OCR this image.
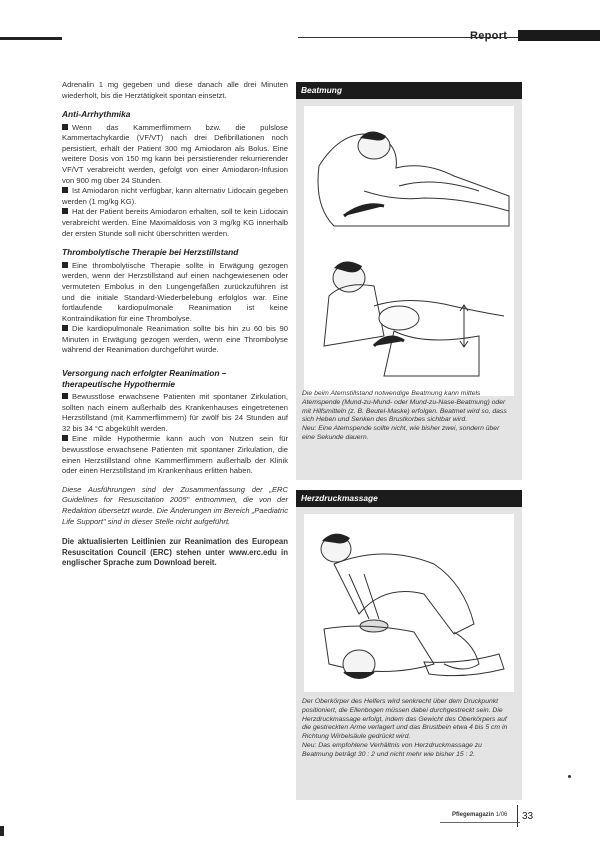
Report

Adrenalin 1 mg gegeben und diese danach alle drei Minuten wiederholt, bis die Herztätigkeit spontan einsetzt.

Anti-Arrhythmika

Wenn das Kammerflimmern bzw. die pulslose Kammertachykardie (VF/VT) nach drei Defibrillationen noch persistiert, erhält der Patient 300 mg Amiodaron als Bolus. Eine weitere Dosis von 150 mg kann bei persistierender rekurrierender VF/VT verabreicht werden, gefolgt von einer Amiodaron-Infusion von 900 mg über 24 Stunden.

Ist Amiodaron nicht verfügbar, kann alternativ Lidocain gegeben werden (1 mg/kg KG).

Hat der Patient bereits Amiodaron erhalten, soll te kein Lidocain verabreicht werden. Eine Maximaldosis von 3 mg/kg KG innerhalb der ersten Stunde soll nicht überschritten werden.

Thrombolytische Therapie bei Herzstillstand

Eine thrombolytische Therapie sollte in Erwägung gezogen werden, wenn der Herzstillstand auf einen nachgewiesenen oder vermuteten Embolus in den Lungengefäßen zurückzuführen ist und die initiale Standard-Wiederbelebung erfolglos war. Eine fortlaufende kardiopulmonale Reanimation ist keine Kontraindikation für eine Thrombolyse.

Die kardiopulmonale Reanimation sollte bis hin zu 60 bis 90 Minuten in Erwägung gezogen werden, wenn eine Thrombolyse während der Reanimation durchgeführt wurde.

Versorgung nach erfolgter Reanimation – therapeutische Hypothermie

Bewusstlose erwachsene Patienten mit spontaner Zirkulation, sollten nach einem außerhalb des Krankenhauses eingetretenen Herzstillstand (mit Kammerflimmern) für zwölf bis 24 Stunden auf 32 bis 34 °C abgekühlt werden.

Eine milde Hypothermie kann auch von Nutzen sein für bewusstlose erwachsene Patienten mit spontaner Zirkulation, die einen Herzstillstand ohne Kammerflimmern außerhalb der Klinik oder einen Herzstillstand im Krankenhaus erlitten haben.

Diese Ausführungen sind der Zusammenfassung der „ERC Guidelines for Resuscitation 2005" entnommen, die von der Redaktion übersetzt wurde. Die Änderungen im Bereich „Paediatric Life Support" sind in dieser Stelle nicht aufgeführt.

Die aktualisierten Leitlinien zur Reanimation des European Resuscitation Council (ERC) stehen unter www.erc.edu in englischer Sprache zum Download bereit.

Beatmung
Die beim Atemstillstand notwendige Beatmung kann mittels Atemspende (Mund-zu-Mund- oder Mund-zu-Nase-Beatmung) oder mit Hilfsmitteln (z. B. Beutel-Maske) erfolgen. Beatmet wird so, dass sich Heben und Senken des Brustkorbes sichtbar wird.
Neu: Eine Atemspende sollte nicht, wie bisher zwei, sondern über eine Sekunde dauern.
Herzdruckmassage
Der Oberkörper des Helfers wird senkrecht über dem Druckpunkt positioniert, die Ellenbogen müssen dabei durchgestreckt sein. Die Herzdruckmassage erfolgt, indem das Gewicht des Oberkörpers auf die gestreckten Arme verlagert und das Brustbein etwa 4 bis 5 cm in Richtung Wirbelsäule gedrückt wird.
Neu: Das empfohlene Verhältnis von Herzdruckmassage zu Beatmung beträgt 30 : 2 und nicht mehr wie bisher 15 : 2.
Pflegemagazin 1/06 33
